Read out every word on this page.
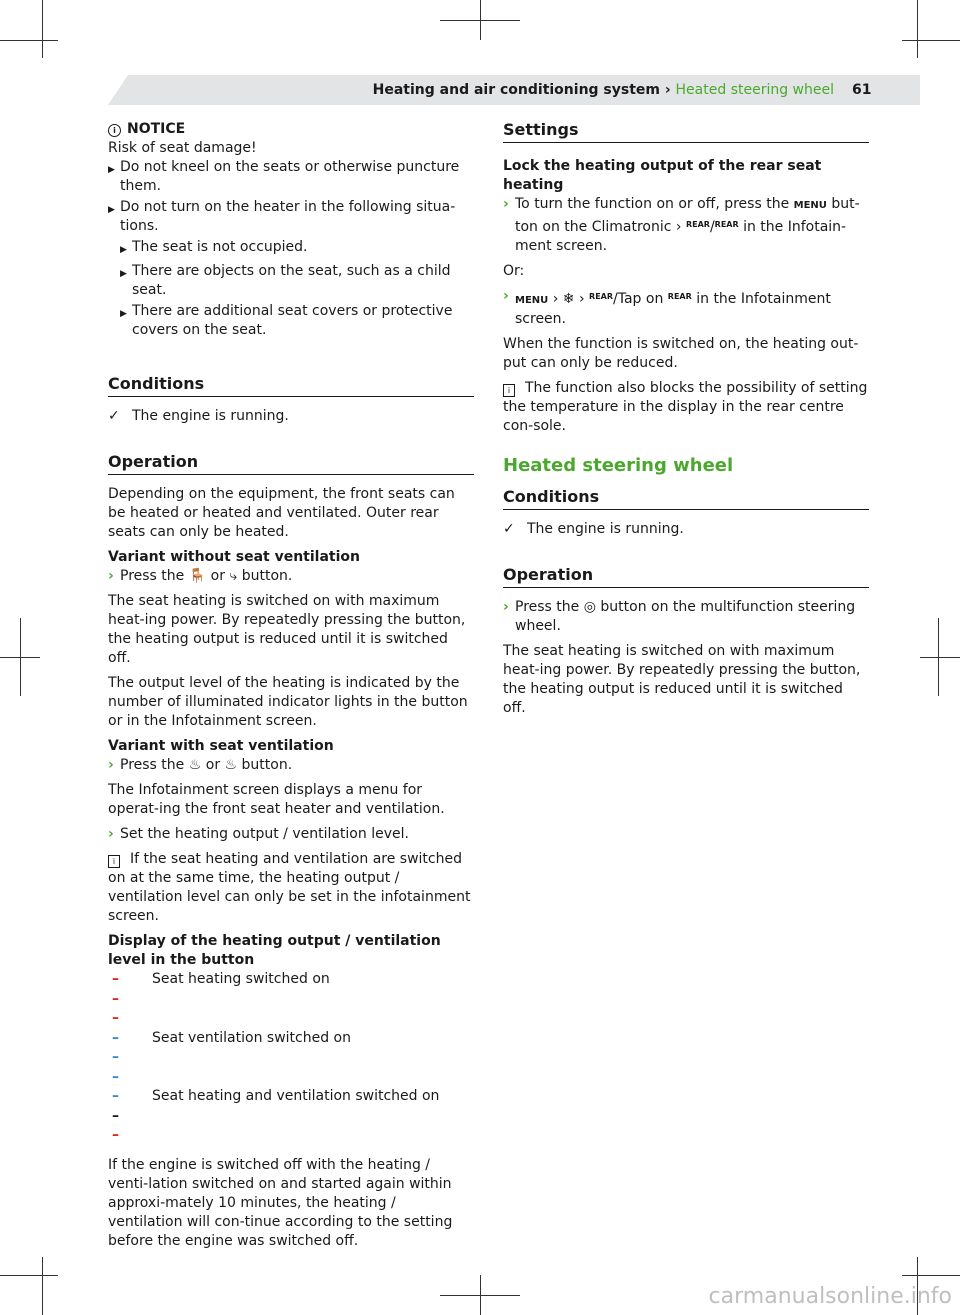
Heating and air conditioning system › Heated steering wheel 61
i NOTICE
Risk of seat damage!
▶ Do not kneel on the seats or otherwise puncture them.
▶ Do not turn on the heater in the following situa-tions.
▶ The seat is not occupied.
▶ There are objects on the seat, such as a child seat.
▶ There are additional seat covers or protective covers on the seat.
Conditions
✓ The engine is running.
Operation

Depending on the equipment, the front seats can be heated or heated and ventilated. Outer rear seats can only be heated.

Variant without seat ventilation
› Press the 🪑 or ⤷ button.

The seat heating is switched on with maximum heat-ing power. By repeatedly pressing the button, the heating output is reduced until it is switched off.

The output level of the heating is indicated by the number of illuminated indicator lights in the button or in the Infotainment screen.

Variant with seat ventilation
› Press the ♨ or ♨ button.

The Infotainment screen displays a menu for operat-ing the front seat heater and ventilation.

› Set the heating output / ventilation level.

i If the seat heating and ventilation are switched on at the same time, the heating output / ventilation level can only be set in the infotainment screen.

Display of the heating output / ventilation level in the button
–	Seat heating switched on
–
–
–	Seat ventilation switched on
–
–
–	Seat heating and ventilation switched on
–
–

If the engine is switched off with the heating / venti-lation switched on and started again within approxi-mately 10 minutes, the heating / ventilation will con-tinue according to the setting before the engine was switched off.

Settings
Lock the heating output of the rear seat heating
› To turn the function on or off, press the MENU but-ton on the Climatronic › $^{REAR}$/$^{REAR}$ in the Infotain-ment screen.

Or:

› MENU › ❄ › $^{REAR}$/Tap on $^{REAR}$ in the Infotainment screen.

When the function is switched on, the heating out-put can only be reduced.

i The function also blocks the possibility of setting the temperature in the display in the rear centre con-sole.

Heated steering wheel
Conditions
✓ The engine is running.
Operation
› Press the ◎ button on the multifunction steering wheel.

The seat heating is switched on with maximum heat-ing power. By repeatedly pressing the button, the heating output is reduced until it is switched off.

carmanualsonline.info
